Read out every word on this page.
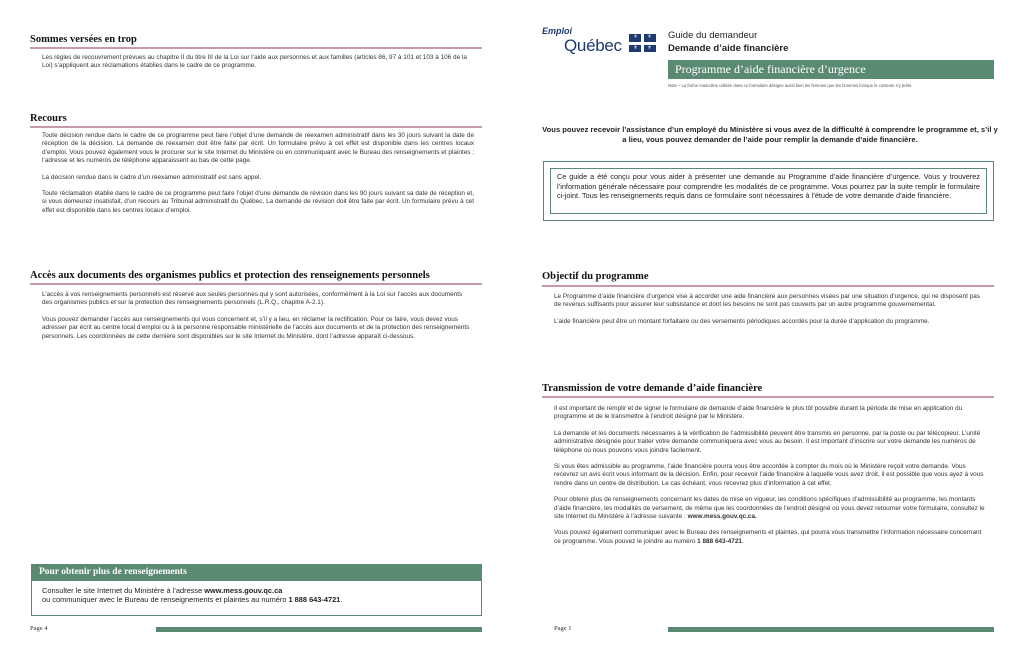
Sommes versées en trop

Les règles de recouvrement prévues au chapitre II du titre III de la Loi sur l’aide aux personnes et aux familles (articles 86, 97 à 101 et 103 à 106 de la Loi) s’appliquent aux réclamations établies dans le cadre de ce programme.

Recours

Toute décision rendue dans le cadre de ce programme peut faire l’objet d’une demande de réexamen administratif dans les 30 jours suivant la date de réception de la décision. La demande de réexamen doit être faite par écrit. Un formulaire prévu à cet effet est disponible dans les centres locaux d’emploi. Vous pouvez également vous le procurer sur le site Internet du Ministère ou en communiquant avec le Bureau des renseignements et plaintes ; l’adresse et les numéros de téléphone apparaissent au bas de cette page.

La décision rendue dans le cadre d’un réexamen administratif est sans appel.

Toute réclamation établie dans le cadre de ce programme peut faire l’objet d’une demande de révision dans les 90 jours suivant sa date de réception et, si vous demeurez insatisfait, d’un recours au Tribunal administratif du Québec. La demande de révision doit être faite par écrit. Un formulaire prévu à cet effet est disponible dans les centres locaux d’emploi.

Accès aux documents des organismes publics et protection des renseignements personnels

L’accès à vos renseignements personnels est réservé aux seules personnes qui y sont autorisées, conformément à la Loi sur l’accès aux documents des organismes publics et sur la protection des renseignements personnels (L.R.Q., chapitre A-2.1).

Vous pouvez demander l’accès aux renseignements qui vous concernent et, s’il y a lieu, en réclamer la rectification. Pour ce faire, vous devez vous adresser par écrit au centre local d’emploi ou à la personne responsable ministérielle de l’accès aux documents et de la protection des renseignements personnels. Les coordonnées de cette dernière sont disponibles sur le site Internet du Ministère, dont l’adresse apparaît ci-dessous.

Pour obtenir plus de renseignements
Consulter le site Internet du Ministère à l’adresse www.mess.gouv.qc.ca
ou communiquer avec le Bureau de renseignements et plaintes au numéro 1 888 643-4721.
Page 4
Emploi
Québec ⚜ ⚜
⚜ ⚜
Guide du demandeur
Demande d’aide financière
Programme d’aide financière d’urgence
Note – La forme masculine utilisée dans ce formulaire désigne aussi bien les femmes que les hommes lorsque le contexte s’y prête.
Vous pouvez recevoir l’assistance d’un employé du Ministère si vous avez de la difficulté à comprendre le programme et, s’il y a lieu, vous pouvez demander de l’aide pour remplir la demande d’aide financière.
Ce guide a été conçu pour vous aider à présenter une demande au Programme d’aide financière d’urgence. Vous y trouverez l’information générale nécessaire pour comprendre les modalités de ce programme. Vous pourrez par la suite remplir le formulaire ci-joint. Tous les renseignements requis dans ce formulaire sont nécessaires à l’étude de votre demande d’aide financière.
Objectif du programme

Le Programme d’aide financière d’urgence vise à accorder une aide financière aux personnes visées par une situation d’urgence, qui ne disposent pas de revenus suffisants pour assurer leur subsistance et dont les besoins ne sont pas couverts par un autre programme gouvernemental.

L’aide financière peut être un montant forfaitaire ou des versements périodiques accordés pour la durée d’application du programme.

Transmission de votre demande d’aide financière

Il est important de remplir et de signer le formulaire de demande d’aide financière le plus tôt possible durant la période de mise en application du programme et de le transmettre à l’endroit désigné par le Ministère.

La demande et les documents nécessaires à la vérification de l’admissibilité peuvent être transmis en personne, par la poste ou par télécopieur. L’unité administrative désignée pour traiter votre demande communiquera avec vous au besoin. Il est important d’inscrire sur votre demande les numéros de téléphone où nous pouvons vous joindre facilement.

Si vous êtes admissible au programme, l’aide financière pourra vous être accordée à compter du mois où le Ministère reçoit votre demande. Vous recevrez un avis écrit vous informant de la décision. Enfin, pour recevoir l’aide financière à laquelle vous avez droit, il est possible que vous ayez à vous rendre dans un centre de distribution. Le cas échéant, vous recevrez plus d’information à cet effet.

Pour obtenir plus de renseignements concernant les dates de mise en vigueur, les conditions spécifiques d’admissibilité au programme, les montants d’aide financière, les modalités de versement, de même que les coordonnées de l’endroit désigné où vous devez retourner votre formulaire, consultez le site Internet du Ministère à l’adresse suivante : www.mess.gouv.qc.ca.

Vous pouvez également communiquer avec le Bureau des renseignements et plaintes, qui pourra vous transmettre l’information nécessaire concernant ce programme. Vous pouvez le joindre au numéro 1 888 643-4721.

Page 1
